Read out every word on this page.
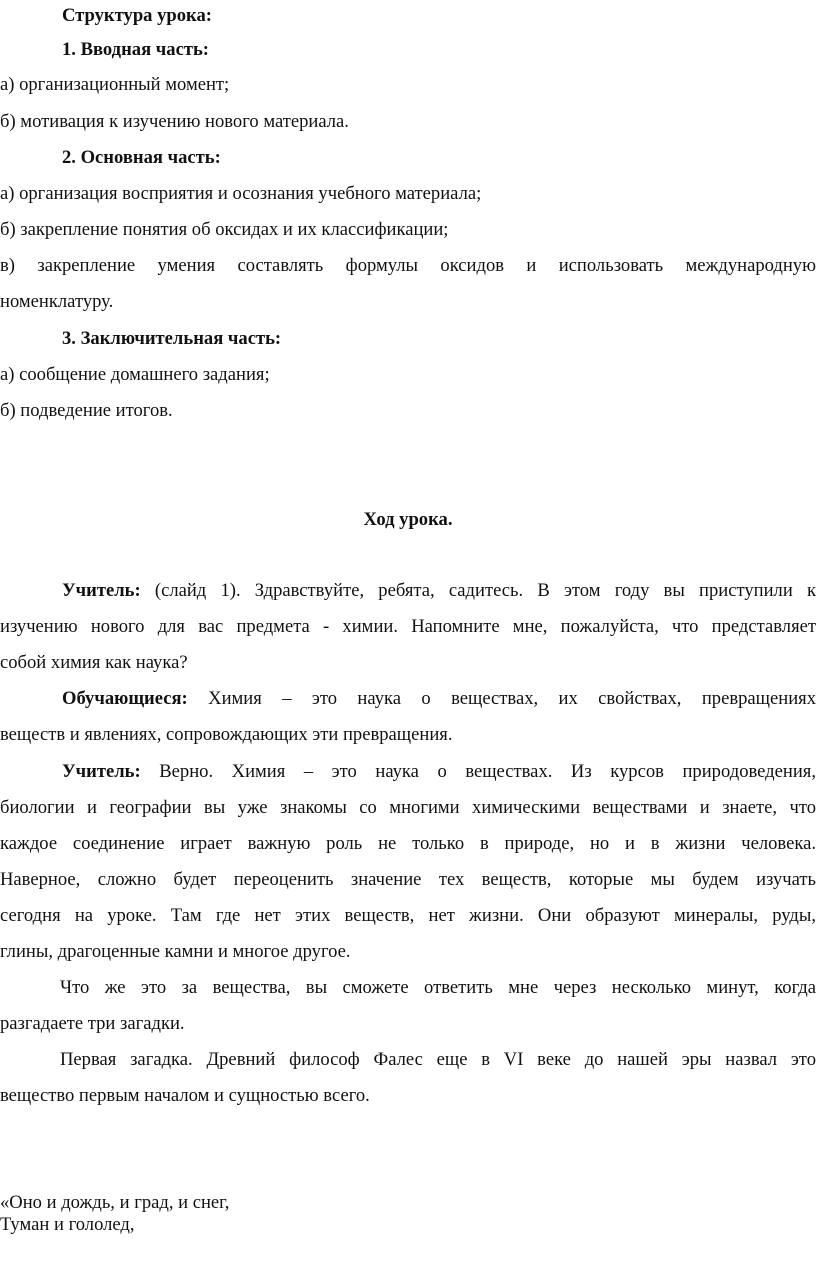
Структура урока:
1. Вводная часть:
а) организационный момент;
б) мотивация к изучению нового материала.
2. Основная часть:
а) организация восприятия и осознания учебного материала;
б) закрепление понятия об оксидах и их классификации;
в) закрепление умения составлять формулы оксидов и использовать международную
номенклатуру.
3. Заключительная часть:
а) сообщение домашнего задания;
б) подведение итогов.
Ход урока.
Учитель: (слайд 1). Здравствуйте, ребята, садитесь. В этом году вы приступили к
изучению нового для вас предмета - химии. Напомните мне, пожалуйста, что представляет
собой химия как наука?
Обучающиеся: Химия – это наука о веществах, их свойствах, превращениях
веществ и явлениях, сопровождающих эти превращения.
Учитель: Верно. Химия – это наука о веществах. Из курсов природоведения,
биологии и географии вы уже знакомы со многими химическими веществами и знаете, что
каждое соединение играет важную роль не только в природе, но и в жизни человека.
Наверное, сложно будет переоценить значение тех веществ, которые мы будем изучать
сегодня на уроке. Там где нет этих веществ, нет жизни. Они образуют минералы, руды,
глины, драгоценные камни и многое другое.
Что же это за вещества, вы сможете ответить мне через несколько минут, когда
разгадаете три загадки.
Первая загадка. Древний философ Фалес еще в VI веке до нашей эры назвал это
вещество первым началом и сущностью всего.
«Оно и дождь, и град, и снег,
Туман и гололед,
